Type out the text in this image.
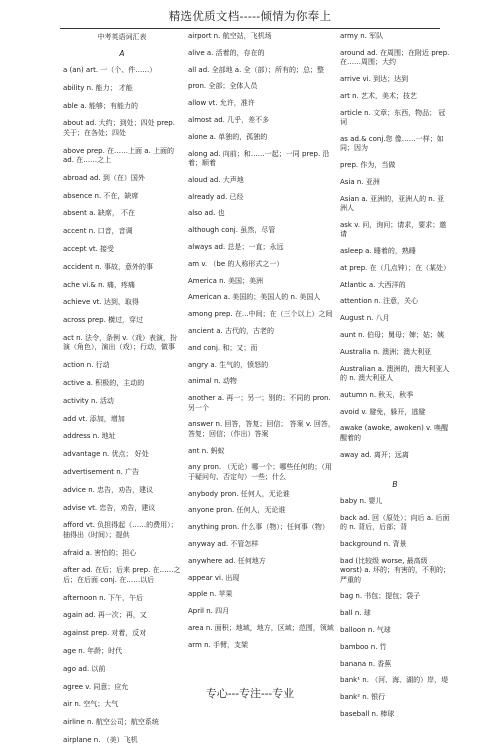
精选优质文档-----倾情为你奉上
中考英语词汇表
A
a (an) art. 一（个、件……）
ability n. 能力； 才能
able a. 能够；有能力的
about ad. 大约；到处；四处 prep. 关于；在各处；四处
above prep. 在……上面 a. 上面的 ad. 在……之上
abroad ad. 到（在）国外
absence n. 不在，缺席
absent a. 缺席， 不在
accent n. 口音，音调
accept vt. 接受
accident n. 事故，意外的事
ache vi.& n. 痛，疼痛
achieve vt. 达到，取得
across prep. 横过，穿过
act n. 法令，条例 v.（戏）表演，扮演（角色），演出（戏）；行动，做事
action n. 行动
active a. 积极的，主动的
activity n. 活动
add vt. 添加，增加
address n. 地址
advantage n. 优点； 好处
advertisement n. 广告
advice n. 忠告，劝告，建议
advise vt. 忠告，劝告，建议
afford vt. 负担得起（……的费用）；抽得出（时间）；提供
afraid a. 害怕的；担心
after ad. 在后；后来 prep. 在……之后；在后面 conj. 在……以后
afternoon n. 下午，午后
again ad. 再一次；再，又
against prep. 对着，反对
age n. 年龄；时代
ago ad. 以前
agree v. 同意；应允
air n. 空气；大气
airline n. 航空公司；航空系统
airplane n. （美）飞机
airport n. 航空站，飞机场
alive a. 活着的，存在的
all ad. 全部地 a. 全（部）；所有的；总；整
pron. 全部；全体人员
allow vt. 允许，准许
almost ad. 几乎，差不多
alone a. 单独的，孤独的
along ad. 向前；和……一起；一同 prep. 沿着；顺着
aloud ad. 大声地
already ad. 已经
also ad. 也
although conj. 虽然，尽管
always ad. 总是；一直；永远
am v. （be 的人称形式之一）
America n. 美国；美洲
American a. 美国的；美国人的 n. 美国人
among prep. 在...中间；在（三个以上）之间
ancient a. 古代的，古老的
and conj. 和；又；而
angry a. 生气的，愤怒的
animal n. 动物
another a. 再一；另一；别的；不同的 pron. 另一个
answer n. 回答，答复；回信； 答案 v. 回答，答复；回信；（作出）答案
ant n. 蚂蚁
any pron. （无论）哪一个；哪些任何的；（用于疑问句、否定句）一些；什么
anybody pron. 任何人，无论谁
anyone pron. 任何人，无论谁
anything pron. 什么事（物）；任何事（物）
anyway ad. 不管怎样
anywhere ad. 任何地方
appear vi. 出现
apple n. 苹果
April n. 四月
area n. 面积；地域，地方，区域；范围，领域
arm n. 手臂，支架
army n. 军队
around ad. 在周围；在附近 prep. 在……周围；大约
arrive vi. 到达；达到
art n. 艺术，美术；技艺
article n. 文章；东西，物品； 冠词
as ad.& conj.您 像……一样；如同；因为
prep. 作为，当做
Asia n. 亚洲
Asian a. 亚洲的，亚洲人的 n. 亚洲人
ask v. 问，询问；请求，要求；邀请
asleep a. 睡着的，熟睡
at prep. 在（几点钟）；在（某处）
Atlantic a. 大西洋的
attention n. 注意，关心
August n. 八月
aunt n. 伯母；舅母；婶；姑；姨
Australia n. 澳洲；澳大利亚
Australian a. 澳洲的，澳大利亚人的 n. 澳大利亚人
autumn n. 秋天，秋季
avoid v. 避免，躲开，逃避
awake (awoke, awoken) v. 唤醒 醒着的
away ad. 离开；远离
B
baby n. 婴儿
back ad. 回（原处）；向后 a. 后面的 n. 背后，后部；背
background n. 背景
bad (比较级 worse, 最高级 worst) a. 坏的；有害的，不利的；严重的
bag n. 书包；提包；袋子
ball n. 球
balloon n. 气球
bamboo n. 竹
banana n. 香蕉
bank¹ n. （河、海、湖的）岸，堤
bank² n. 银行
baseball n. 棒球
专心---专注---专业
